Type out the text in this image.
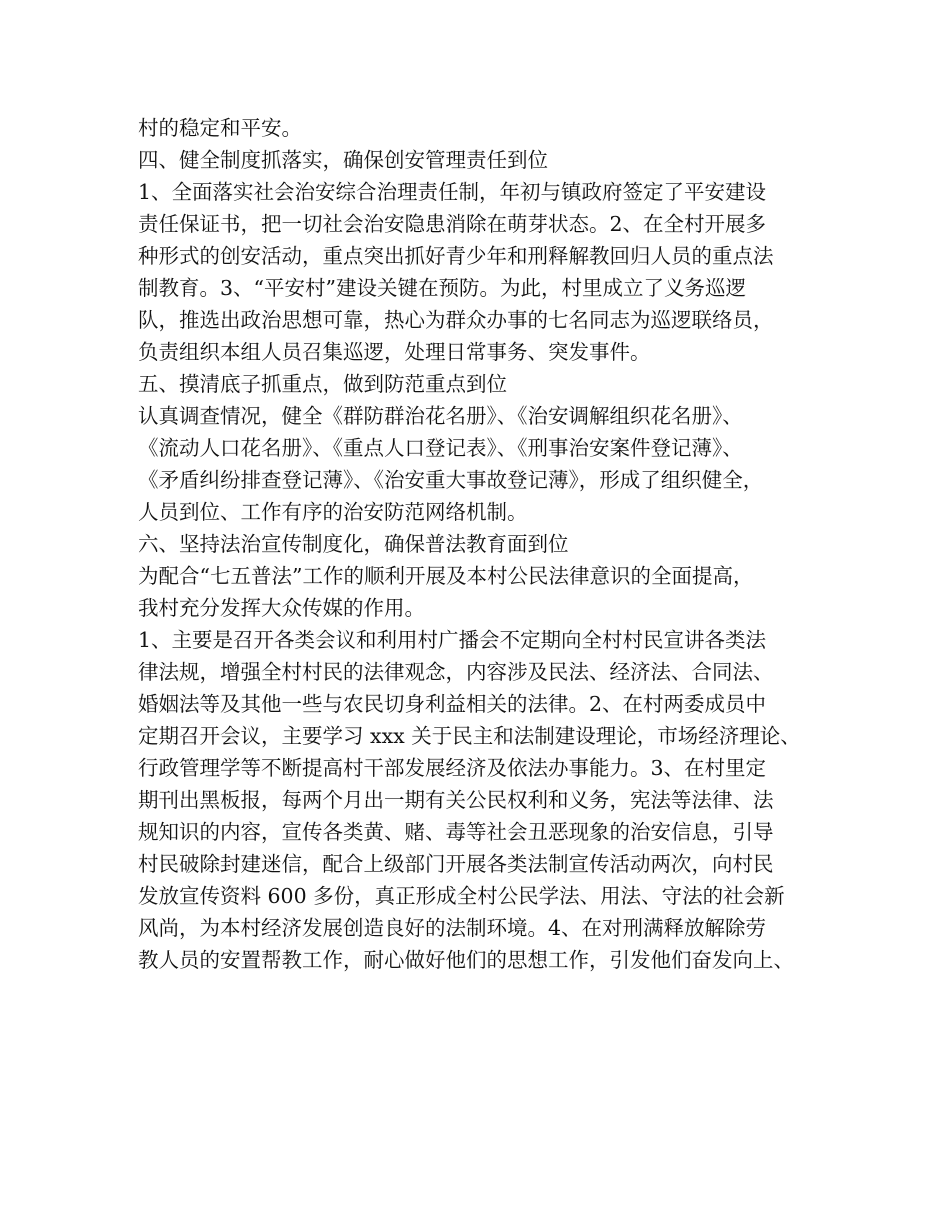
村的稳定和平安。
四、健全制度抓落实，确保创安管理责任到位
1、全面落实社会治安综合治理责任制，年初与镇政府签定了平安建设
责任保证书，把一切社会治安隐患消除在萌芽状态。2、在全村开展多
种形式的创安活动，重点突出抓好青少年和刑释解教回归人员的重点法
制教育。3、“平安村”建设关键在预防。为此，村里成立了义务巡逻
队，推选出政治思想可靠，热心为群众办事的七名同志为巡逻联络员，
负责组织本组人员召集巡逻，处理日常事务、突发事件。
五、摸清底子抓重点，做到防范重点到位
认真调查情况，健全《群防群治花名册》、《治安调解组织花名册》、
《流动人口花名册》、《重点人口登记表》、《刑事治安案件登记薄》、
《矛盾纠纷排查登记薄》、《治安重大事故登记薄》，形成了组织健全，
人员到位、工作有序的治安防范网络机制。
六、坚持法治宣传制度化，确保普法教育面到位
为配合“七五普法”工作的顺利开展及本村公民法律意识的全面提高，
我村充分发挥大众传媒的作用。
1、主要是召开各类会议和利用村广播会不定期向全村村民宣讲各类法
律法规，增强全村村民的法律观念，内容涉及民法、经济法、合同法、
婚姻法等及其他一些与农民切身利益相关的法律。2、在村两委成员中
定期召开会议，主要学习 xxx 关于民主和法制建设理论，市场经济理论、
行政管理学等不断提高村干部发展经济及依法办事能力。3、在村里定
期刊出黑板报，每两个月出一期有关公民权利和义务，宪法等法律、法
规知识的内容，宣传各类黄、赌、毒等社会丑恶现象的治安信息，引导
村民破除封建迷信，配合上级部门开展各类法制宣传活动两次，向村民
发放宣传资料 600 多份，真正形成全村公民学法、用法、守法的社会新
风尚，为本村经济发展创造良好的法制环境。4、在对刑满释放解除劳
教人员的安置帮教工作，耐心做好他们的思想工作，引发他们奋发向上、
